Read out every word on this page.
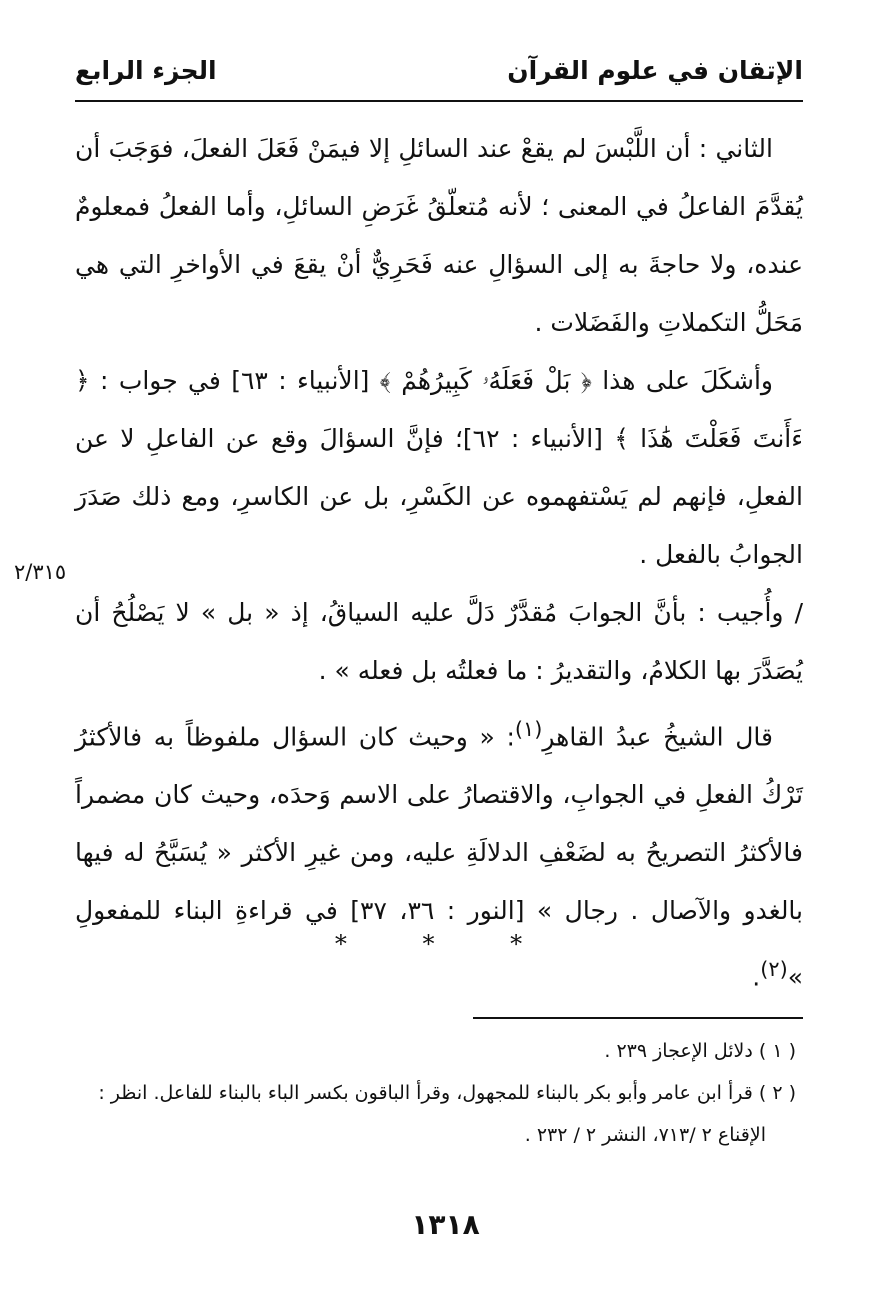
الإتقان في علوم القرآن
الجزء الرابع

الثاني : أن اللَّبْسَ لم يقعْ عند السائلِ إلا فيمَنْ فَعَلَ الفعلَ، فوَجَبَ أن يُقدَّمَ الفاعلُ في المعنى ؛ لأنه مُتعلّقُ غَرَضِ السائلِ، وأما الفعلُ فمعلومٌ عنده، ولا حاجةَ به إلى السؤالِ عنه فَحَرِيٌّ أنْ يقعَ في الأواخرِ التي هي مَحَلُّ التكملاتِ والفَضَلات .

وأشكَلَ على هذا ﴿ بَلْ فَعَلَهُۥ كَبِيرُهُمْ ﴾ [الأنبياء : ٦٣] في جواب : ﴿ ءَأَنتَ فَعَلْتَ هَٰذَا ﴾ [الأنبياء : ٦٢]؛ فإنَّ السؤالَ وقع عن الفاعلِ لا عن الفعلِ، فإنهم لم يَسْتفهموه عن الكَسْرِ، بل عن الكاسرِ، ومع ذلك صَدَرَ الجوابُ بالفعل .

/ وأُجيب : بأنَّ الجوابَ مُقدَّرٌ دَلَّ عليه السياقُ، إذ « بل » لا يَصْلُحُ أن يُصَدَّرَ بها الكلامُ، والتقديرُ : ما فعلتُه بل فعله » .

قال الشيخُ عبدُ القاهرِ$^{(١)}$: « وحيث كان السؤال ملفوظاً به فالأكثرُ تَرْكُ الفعلِ في الجوابِ، والاقتصارُ على الاسم وَحدَه، وحيث كان مضمراً فالأكثرُ التصريحُ به لضَعْفِ الدلالَةِ عليه، ومن غيرِ الأكثر « يُسَبَّحُ له فيها بالغدو والآصال . رجال » [النور : ٣٦، ٣٧] في قراءةِ البناء للمفعولِ »$^{(٢)}$.

٢/٣١٥
* * *

( ١ ) دلائل الإعجاز ٢٣٩ .

( ٢ ) قرأ ابن عامر وأبو بكر بالبناء للمجهول، وقرأ الباقون بكسر الباء بالبناء للفاعل. انظر :
الإقناع ٢ /٧١٣، النشر ٢ / ٢٣٢ .

١٣١٨
